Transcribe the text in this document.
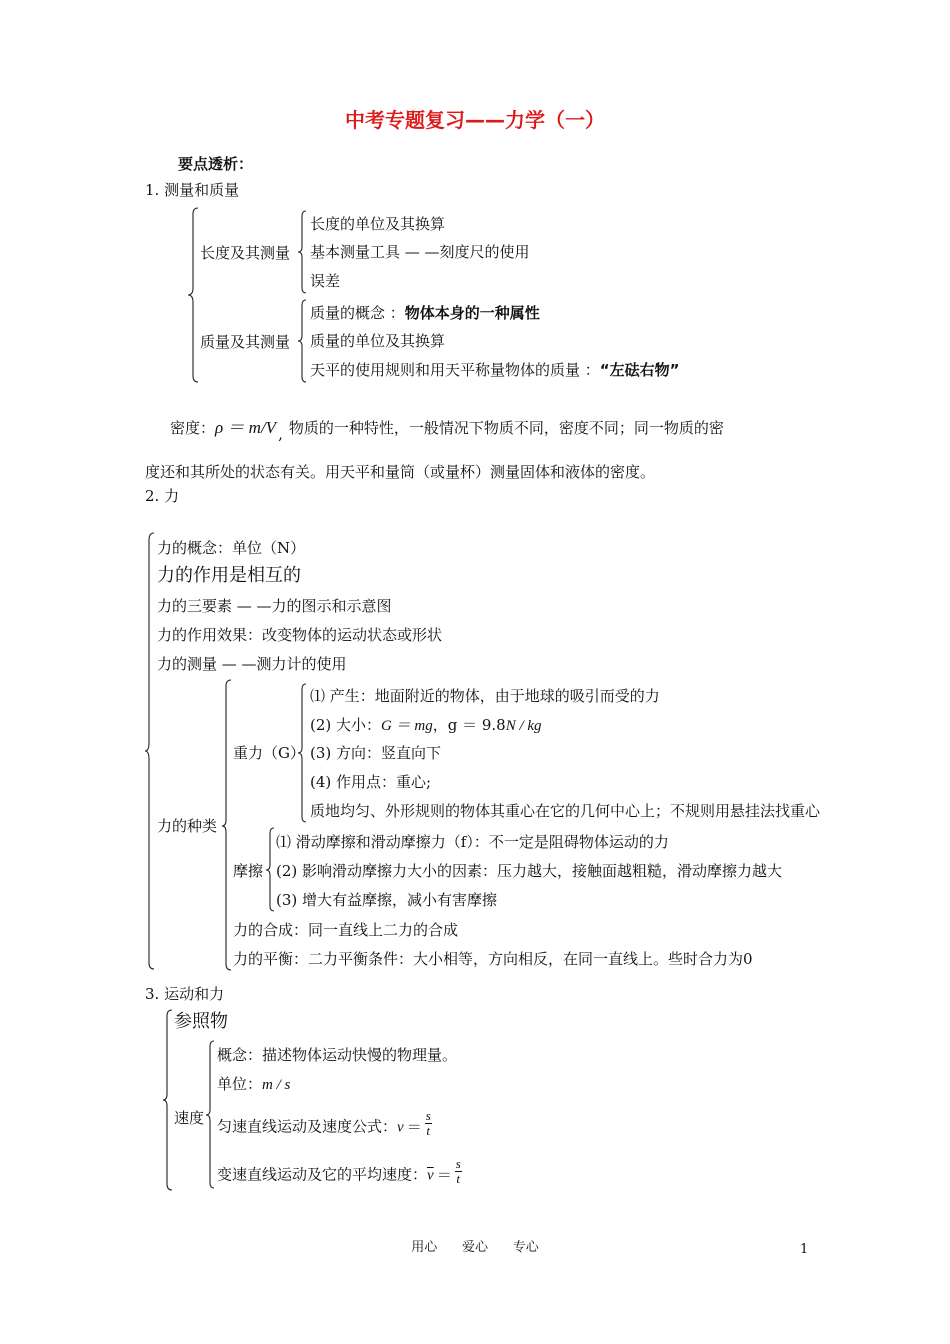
中考专题复习——力学（一）
要点透析：
1. 测量和质量
长度及其测量
长度的单位及其换算
基本测量工具 — —刻度尺的使用
误差
质量及其测量
质量的概念 ：物体本身的一种属性
质量的单位及其换算
天平的使用规则和用天平称量物体的质量 ：“左砝右物”
密度：ρ ＝ m/V , 物质的一种特性，一般情况下物质不同，密度不同；同一物质的密
度还和其所处的状态有关。用天平和量筒（或量杯）测量固体和液体的密度。
2. 力
力的概念：单位（N）
力的作用是相互的
力的三要素 — —力的图示和示意图
力的作用效果：改变物体的运动状态或形状
力的测量 — —测力计的使用
力的种类
重力（G）
⑴ 产生：地面附近的物体，由于地球的吸引而受的力
(2) 大小：G ＝ mg，g ＝ 9.8N / kg
(3) 方向：竖直向下
(4) 作用点：重心;
质地均匀、外形规则的物体其重心在它的几何中心上；不规则用悬挂法找重心
摩擦
⑴ 滑动摩擦和滑动摩擦力（f）：不一定是阻碍物体运动的力
(2) 影响滑动摩擦力大小的因素：压力越大，接触面越粗糙，滑动摩擦力越大
(3) 增大有益摩擦，减小有害摩擦
力的合成：同一直线上二力的合成
力的平衡：二力平衡条件：大小相等，方向相反，在同一直线上。些时合力为0
3. 运动和力
参照物
速度
概念：描述物体运动快慢的物理量。
单位：m / s
匀速直线运动及速度公式：$v = \frac{s}{t}$
变速直线运动及它的平均速度：$\overline{v} = \frac{s}{t}$
用心      爱心      专心	1
